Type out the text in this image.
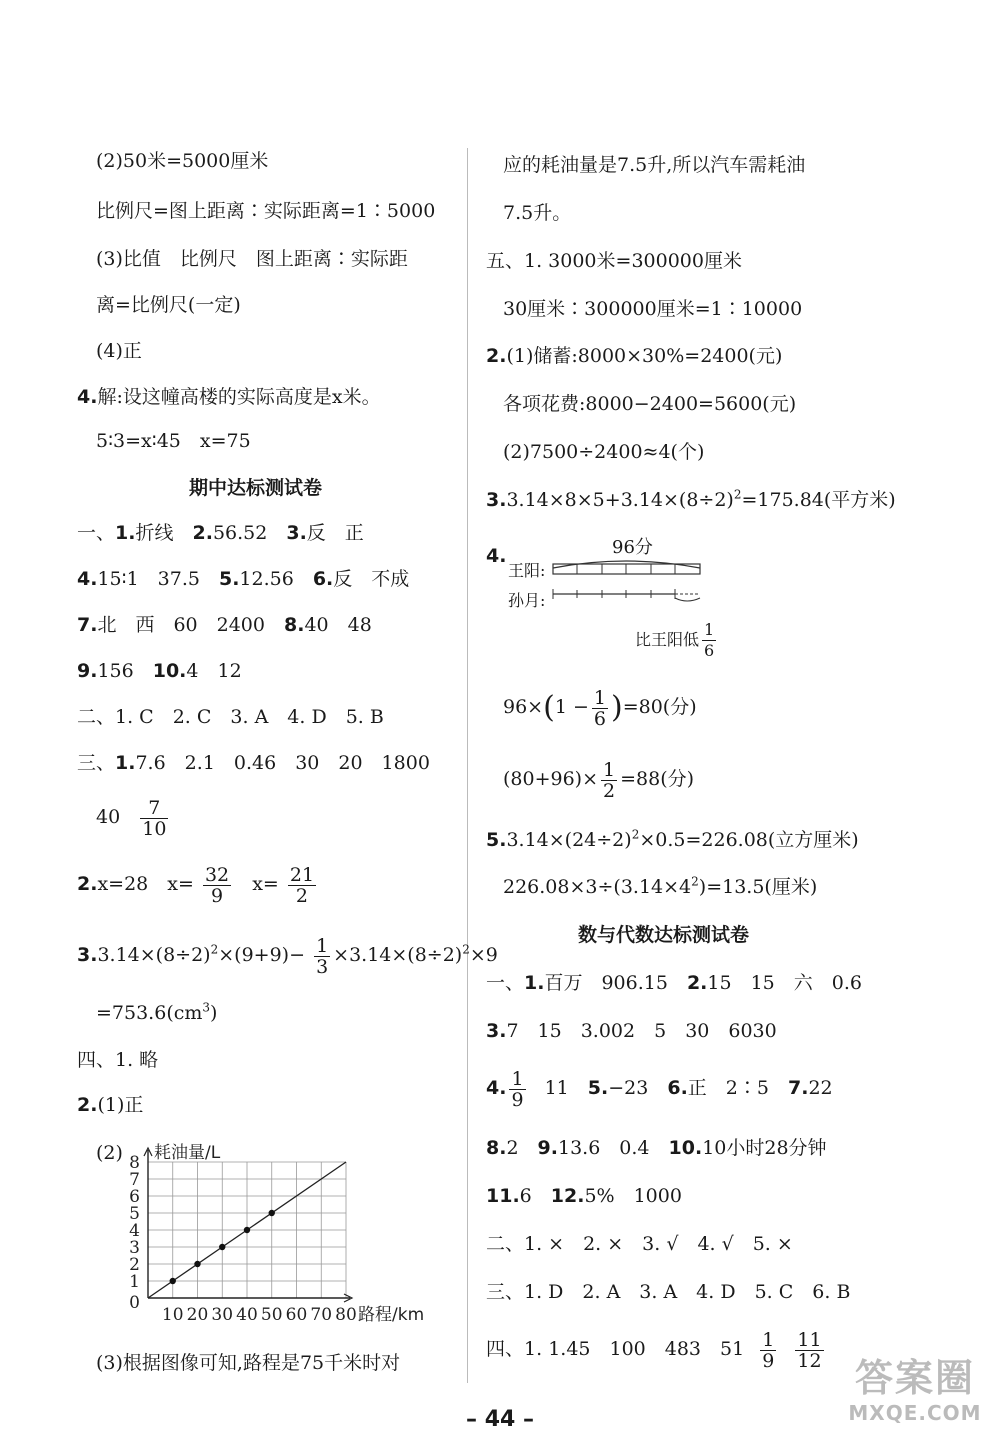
(2)50米=5000厘米
比例尺=图上距离∶实际距离=1∶5000
(3)比值　比例尺　图上距离∶实际距
离=比例尺(一定)
(4)正
4.解:设这幢高楼的实际高度是x米。
5∶3=x∶45　x=75
期中达标测试卷
一、1.折线　2.56.52　3.反　正
4.15∶1　37.5　5.12.56　6.反　不成
7.北　西　60　2400　8.40　48
9.156　10.4　12
二、1. C　2. C　3. A　4. D　5. B
三、1.7.6　2.1　0.46　30　20　1800
$40 \frac{7}{10}$
2.x=28　$x= \frac{32}{9} x= \frac{21}{2}$
$3.3.14\times(8\div 2)^2\times(9+9)- \frac{1}{3} \times 3.14\times(8\div 2)^2\times 9$
$=753.6(cm^3)$
四、1. 略
2.(1)正
(2)
1
2
3
4
5
6
7
8
0
10 20 30 40 50 60 70 80 路程/km
耗油量/L
(3)根据图像可知,路程是75千米时对
应的耗油量是7.5升,所以汽车需耗油
7.5升。
五、1. 3000米=300000厘米
30厘米∶300000厘米=1∶10000
2.(1)储蓄:8000×30%=2400(元)
各项花费:8000−2400=5600(元)
(2)7500÷2400≈4(个)
$3.3.14\times 8\times 5+3.14\times(8\div 2)^2=175.84$(平方米)
4.	96分
王阳:
孙月:
比王阳低 $\frac{1}{6}$
$96\times(1 - \frac{1}{6} )=80$(分)
$(80+96)\times \frac{1}{2} =88$(分)
$5.3.14\times(24\div 2)^2\times 0.5=226.08$(立方厘米)
$226.08\times 3\div(3.14\times 4^2)=13.5$(厘米)
数与代数达标测试卷
一、1.百万　906.15　2.15　15　六　0.6
3.7　15　3.002　5　30　6030
4. $\frac{1}{9} 11$　5.−23　6.正　2∶5　7.22
8.2　9.13.6　0.4　10.10小时28分钟
11.6　12.5%　1000
二、1. ×　2. ×　3. √　4. √　5. ×
三、1. D　2. A　3. A　4. D　5. C　6. B
四、1. 1.45　100　483　$51 \frac{1}{9}$
$\frac{11}{12}$
– 44 –
答案圈
MXQE.COM
